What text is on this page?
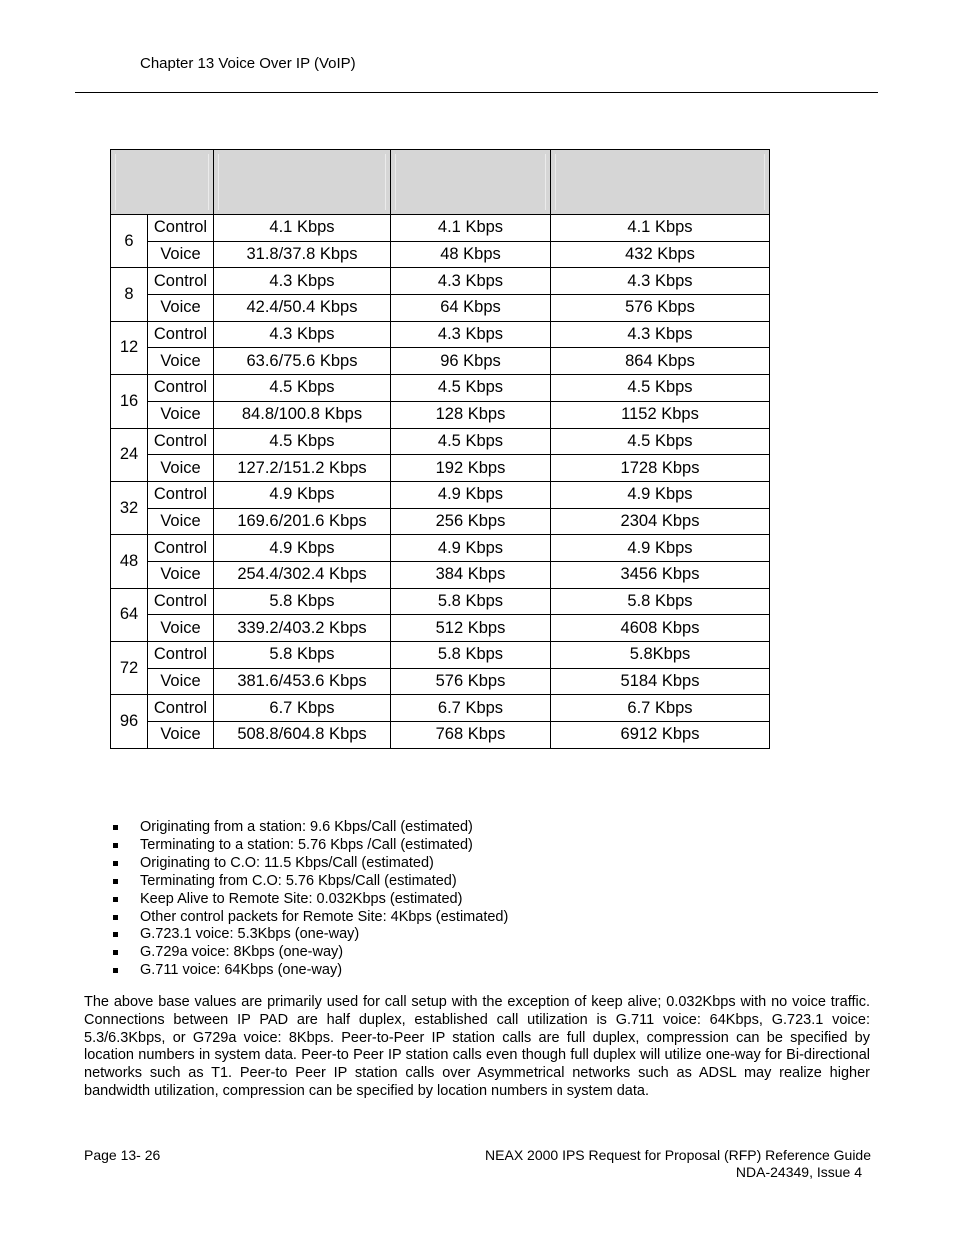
Chapter 13 Voice Over IP (VoIP)

6	Control	4.1 Kbps	4.1 Kbps	4.1 Kbps
	Voice	31.8/37.8 Kbps	48 Kbps	432 Kbps
8	Control	4.3 Kbps	4.3 Kbps	4.3 Kbps
	Voice	42.4/50.4 Kbps	64 Kbps	576 Kbps
12	Control	4.3 Kbps	4.3 Kbps	4.3 Kbps
	Voice	63.6/75.6 Kbps	96 Kbps	864 Kbps
16	Control	4.5 Kbps	4.5 Kbps	4.5 Kbps
	Voice	84.8/100.8 Kbps	128 Kbps	1152 Kbps
24	Control	4.5 Kbps	4.5 Kbps	4.5 Kbps
	Voice	127.2/151.2 Kbps	192 Kbps	1728 Kbps
32	Control	4.9 Kbps	4.9 Kbps	4.9 Kbps
	Voice	169.6/201.6 Kbps	256 Kbps	2304 Kbps
48	Control	4.9 Kbps	4.9 Kbps	4.9 Kbps
	Voice	254.4/302.4 Kbps	384 Kbps	3456 Kbps
64	Control	5.8 Kbps	5.8 Kbps	5.8 Kbps
	Voice	339.2/403.2 Kbps	512 Kbps	4608 Kbps
72	Control	5.8 Kbps	5.8 Kbps	5.8Kbps
	Voice	381.6/453.6 Kbps	576 Kbps	5184 Kbps
96	Control	6.7 Kbps	6.7 Kbps	6.7 Kbps
	Voice	508.8/604.8 Kbps	768 Kbps	6912 Kbps
Originating from a station: 9.6 Kbps/Call (estimated)
Terminating to a station: 5.76 Kbps /Call (estimated)
Originating to C.O: 11.5 Kbps/Call (estimated)
Terminating from C.O: 5.76 Kbps/Call (estimated)
Keep Alive to Remote Site: 0.032Kbps (estimated)
Other control packets for Remote Site: 4Kbps (estimated)
G.723.1 voice: 5.3Kbps (one-way)
G.729a voice: 8Kbps (one-way)
G.711 voice: 64Kbps (one-way)
The above base values are primarily used for call setup with the exception of keep alive; 0.032Kbps with no voice traffic. Connections between IP PAD are half duplex, established call utilization is G.711 voice: 64Kbps, G.723.1 voice: 5.3/6.3Kbps, or G729a voice: 8Kbps. Peer-to-Peer IP station calls are full duplex, compression can be specified by location numbers in system data. Peer-to Peer IP station calls even though full duplex will utilize one-way for Bi-directional networks such as T1. Peer-to Peer IP station calls over Asymmetrical networks such as ADSL may realize higher bandwidth utilization, compression can be specified by location numbers in system data.
Page 13- 26	NEAX 2000 IPS Request for Proposal (RFP) Reference Guide
NDA-24349, Issue 4
